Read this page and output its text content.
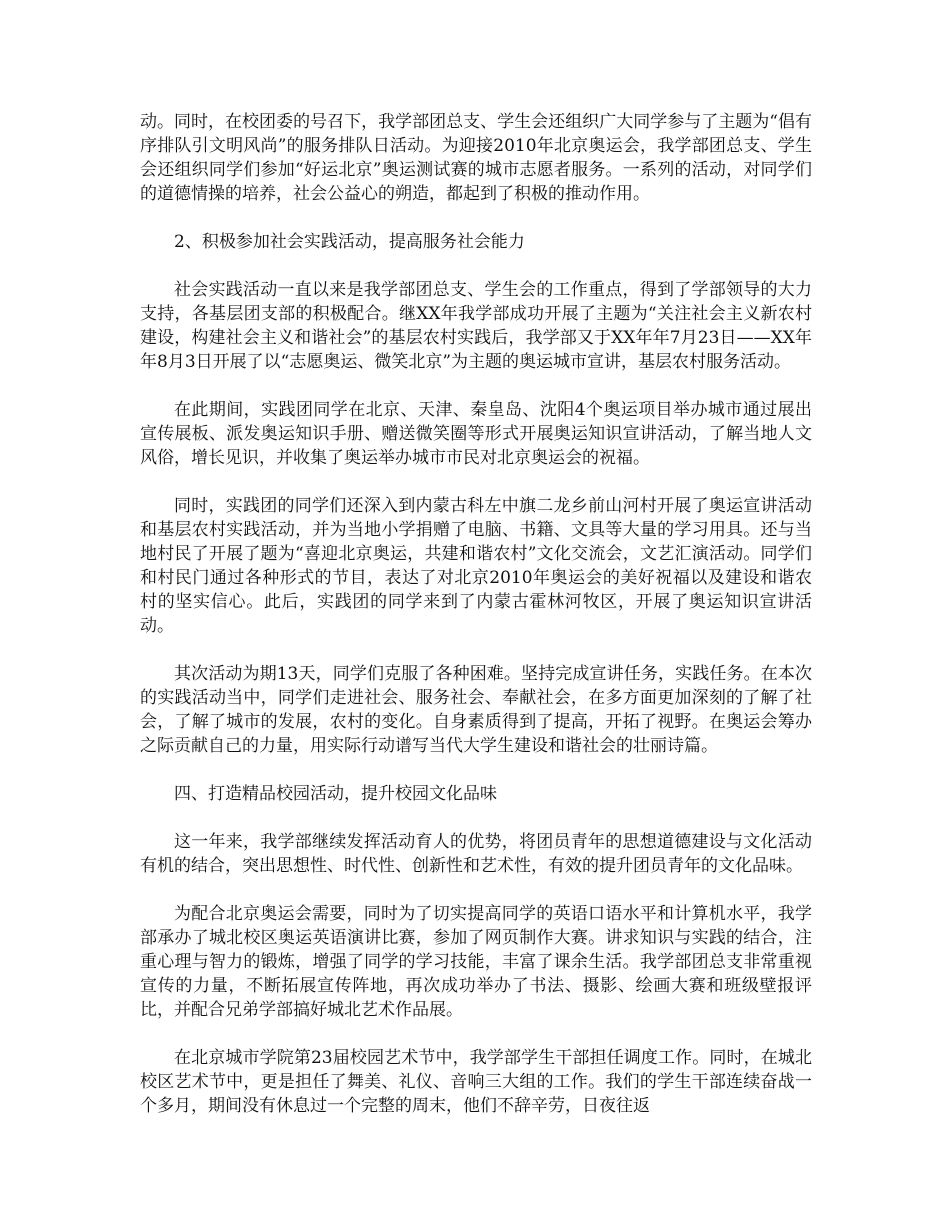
动。同时，在校团委的号召下，我学部团总支、学生会还组织广大同学参与了主题为“倡有序排队引文明风尚”的服务排队日活动。为迎接2010年北京奥运会，我学部团总支、学生会还组织同学们参加“好运北京”奥运测试赛的城市志愿者服务。一系列的活动，对同学们的道德情操的培养，社会公益心的朔造，都起到了积极的推动作用。

2、积极参加社会实践活动，提高服务社会能力

社会实践活动一直以来是我学部团总支、学生会的工作重点，得到了学部领导的大力支持，各基层团支部的积极配合。继XX年我学部成功开展了主题为“关注社会主义新农村建设，构建社会主义和谐社会”的基层农村实践后，我学部又于XX年年7月23日——XX年年8月3日开展了以“志愿奥运、微笑北京”为主题的奥运城市宣讲，基层农村服务活动。

在此期间，实践团同学在北京、天津、秦皇岛、沈阳4个奥运项目举办城市通过展出宣传展板、派发奥运知识手册、赠送微笑圈等形式开展奥运知识宣讲活动，了解当地人文风俗，增长见识，并收集了奥运举办城市市民对北京奥运会的祝福。

同时，实践团的同学们还深入到内蒙古科左中旗二龙乡前山河村开展了奥运宣讲活动和基层农村实践活动，并为当地小学捐赠了电脑、书籍、文具等大量的学习用具。还与当地村民了开展了题为“喜迎北京奥运，共建和谐农村”文化交流会，文艺汇演活动。同学们和村民门通过各种形式的节目，表达了对北京2010年奥运会的美好祝福以及建设和谐农村的坚实信心。此后，实践团的同学来到了内蒙古霍林河牧区，开展了奥运知识宣讲活动。

其次活动为期13天，同学们克服了各种困难。坚持完成宣讲任务，实践任务。在本次的实践活动当中，同学们走进社会、服务社会、奉献社会，在多方面更加深刻的了解了社会，了解了城市的发展，农村的变化。自身素质得到了提高，开拓了视野。在奥运会筹办之际贡献自己的力量，用实际行动谱写当代大学生建设和谐社会的壮丽诗篇。

四、打造精品校园活动，提升校园文化品味

这一年来，我学部继续发挥活动育人的优势，将团员青年的思想道德建设与文化活动有机的结合，突出思想性、时代性、创新性和艺术性，有效的提升团员青年的文化品味。

为配合北京奥运会需要，同时为了切实提高同学的英语口语水平和计算机水平，我学部承办了城北校区奥运英语演讲比赛，参加了网页制作大赛。讲求知识与实践的结合，注重心理与智力的锻炼，增强了同学的学习技能，丰富了课余生活。我学部团总支非常重视宣传的力量，不断拓展宣传阵地，再次成功举办了书法、摄影、绘画大赛和班级壁报评比，并配合兄弟学部搞好城北艺术作品展。

在北京城市学院第23届校园艺术节中，我学部学生干部担任调度工作。同时，在城北校区艺术节中，更是担任了舞美、礼仪、音响三大组的工作。我们的学生干部连续奋战一个多月，期间没有休息过一个完整的周末，他们不辞辛劳，日夜往返
